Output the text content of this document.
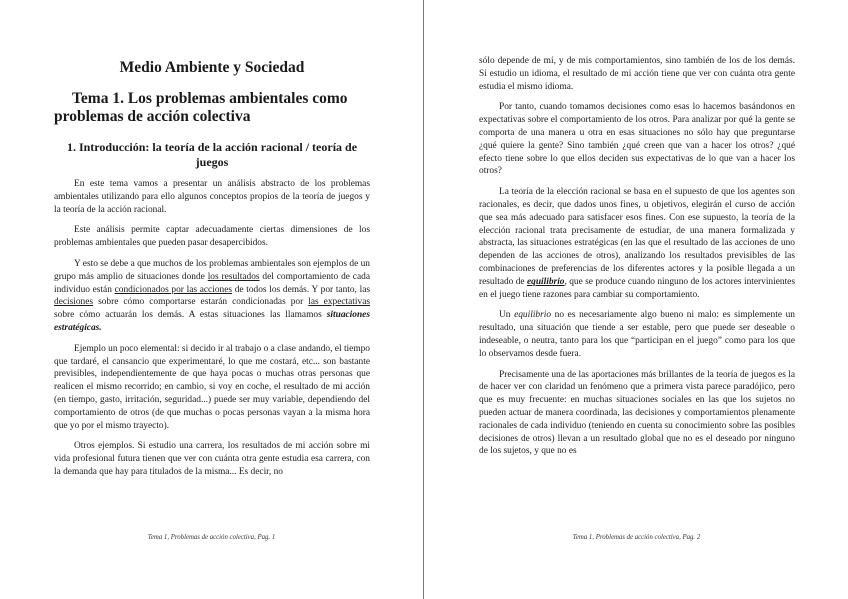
Medio Ambiente y Sociedad
Tema 1. Los problemas ambientales como problemas de acción colectiva
1. Introducción: la teoría de la acción racional / teoría de juegos

En este tema vamos a presentar un análisis abstracto de los problemas ambientales utilizando para ello algunos conceptos propios de la teoría de juegos y la teoría de la acción racional.

Este análisis permite captar adecuadamente ciertas dimensiones de los problemas ambientales que pueden pasar desapercibidos.

Y esto se debe a que muchos de los problemas ambientales son ejemplos de un grupo más amplio de situaciones donde los resultados del comportamiento de cada individuo están condicionados por las acciones de todos los demás. Y por tanto, las decisiones sobre cómo comportarse estarán condicionadas por las expectativas sobre cómo actuarán los demás. A estas situaciones las llamamos situaciones estratégicas.

Ejemplo un poco elemental: si decido ir al trabajo o a clase andando, el tiempo que tardaré, el cansancio que experimentaré, lo que me costará, etc... son bastante previsibles, independientemente de que haya pocas o muchas otras personas que realicen el mismo recorrido; en cambio, si voy en coche, el resultado de mi acción (en tiempo, gasto, irritación, seguridad...) puede ser muy variable, dependiendo del comportamiento de otros (de que muchas o pocas personas vayan a la misma hora que yo por el mismo trayecto).

Otros ejemplos. Si estudio una carrera, los resultados de mi acción sobre mi vida profesional futura tienen que ver con cuánta otra gente estudia esa carrera, con la demanda que hay para titulados de la misma... Es decir, no

Tema 1, Problemas de acción colectiva, Pag. 1

sólo depende de mí, y de mis comportamientos, sino también de los de los demás. Si estudio un idioma, el resultado de mi acción tiene que ver con cuánta otra gente estudia el mismo idioma.

Por tanto, cuando tomamos decisiones como esas lo hacemos basándonos en expectativas sobre el comportamiento de los otros. Para analizar por qué la gente se comporta de una manera u otra en esas situaciones no sólo hay que preguntarse ¿qué quiere la gente? Sino también ¿qué creen que van a hacer los otros? ¿qué efecto tiene sobre lo que ellos deciden sus expectativas de lo que van a hacer los otros?

La teoría de la elección racional se basa en el supuesto de que los agentes son racionales, es decir, que dados unos fines, u objetivos, elegirán el curso de acción que sea más adecuado para satisfacer esos fines. Con ese supuesto, la teoría de la elección racional trata precisamente de estudiar, de una manera formalizada y abstracta, las situaciones estratégicas (en las que el resultado de las acciones de uno dependen de las acciones de otros), analizando los resultados previsibles de las combinaciones de preferencias de los diferentes actores y la posible llegada a un resultado de equilibrio, que se produce cuando ninguno de los actores intervinientes en el juego tiene razones para cambiar su comportamiento.

Un equilibrio no es necesariamente algo bueno ni malo: es simplemente un resultado, una situación que tiende a ser estable, pero que puede ser deseable o indeseable, o neutra, tanto para los que “participan en el juego” como para los que lo observamos desde fuera.

Precisamente una de las aportaciones más brillantes de la teoría de juegos es la de hacer ver con claridad un fenómeno que a primera vista parece paradójico, pero que es muy frecuente: en muchas situaciones sociales en las que los sujetos no pueden actuar de manera coordinada, las decisiones y comportamientos plenamente racionales de cada individuo (teniendo en cuenta su conocimiento sobre las posibles decisiones de otros) llevan a un resultado global que no es el deseado por ninguno de los sujetos, y que no es

Tema 1, Problemas de acción colectiva, Pag. 2
